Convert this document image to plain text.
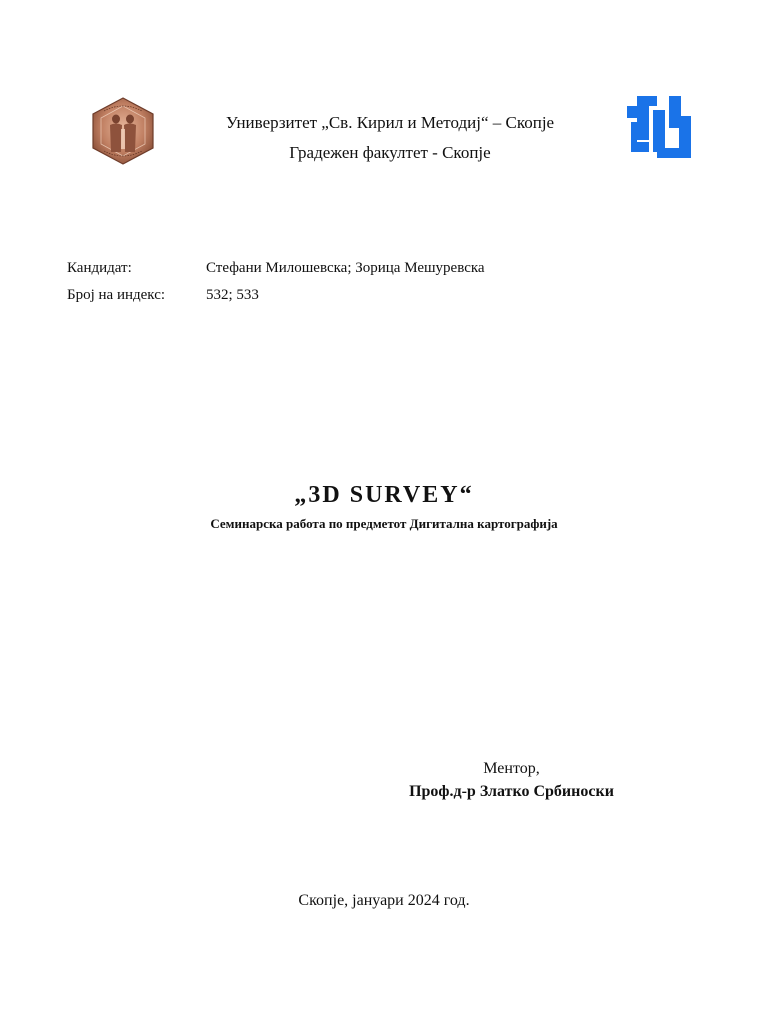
Универзитет „Св. Кирил и Методиј“ – Скопје
Градежен факултет - Скопје
Кандидат:	Стефани Милошевска; Зорица Мешуревска
Број на индекс:	532; 533
„3D SURVEY“
Семинарска работа по предметот Дигитална картографија
Ментор,
Проф.д-р Златко Србиноски
Скопје, јануари 2024 год.
